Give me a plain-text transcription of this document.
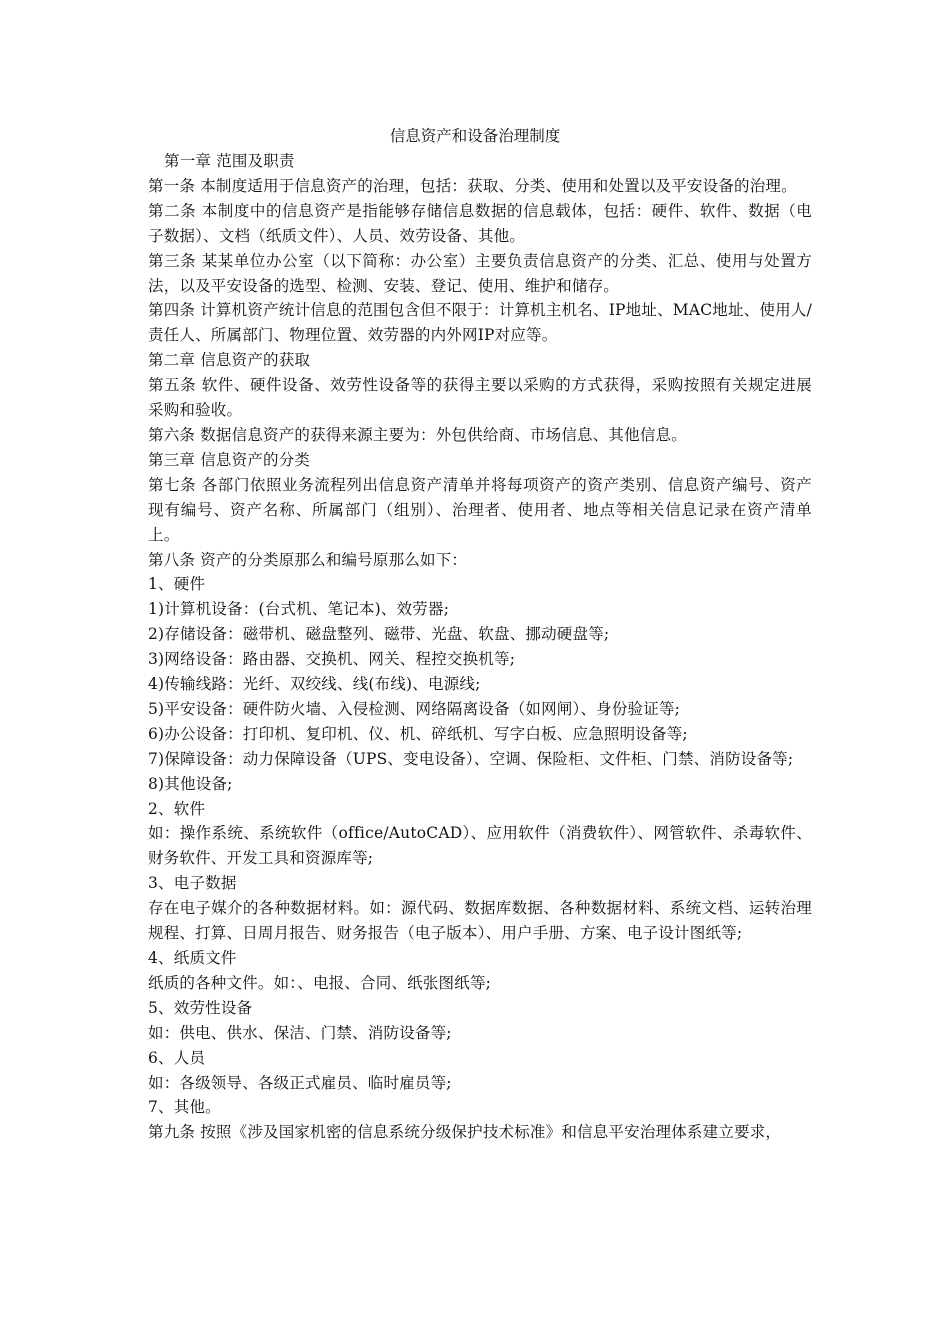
信息资产和设备治理制度

第一章 范围及职责

第一条 本制度适用于信息资产的治理，包括：获取、分类、使用和处置以及平安设备的治理。

第二条 本制度中的信息资产是指能够存储信息数据的信息载体，包括：硬件、软件、数据（电子数据）、文档（纸质文件）、人员、效劳设备、其他。

第三条 某某单位办公室（以下简称：办公室）主要负责信息资产的分类、汇总、使用与处置方法，以及平安设备的选型、检测、安装、登记、使用、维护和储存。

第四条 计算机资产统计信息的范围包含但不限于：计算机主机名、IP地址、MAC地址、使用人/责任人、所属部门、物理位置、效劳器的内外网IP对应等。

第二章 信息资产的获取

第五条 软件、硬件设备、效劳性设备等的获得主要以采购的方式获得，采购按照有关规定进展采购和验收。

第六条 数据信息资产的获得来源主要为：外包供给商、市场信息、其他信息。

第三章 信息资产的分类

第七条 各部门依照业务流程列出信息资产清单并将每项资产的资产类别、信息资产编号、资产现有编号、资产名称、所属部门（组别）、治理者、使用者、地点等相关信息记录在资产清单上。

第八条 资产的分类原那么和编号原那么如下：

1、硬件

1)计算机设备：(台式机、笔记本)、效劳器;

2)存储设备：磁带机、磁盘整列、磁带、光盘、软盘、挪动硬盘等;

3)网络设备：路由器、交换机、网关、程控交换机等;

4)传输线路：光纤、双绞线、线(布线)、电源线;

5)平安设备：硬件防火墙、入侵检测、网络隔离设备（如网闸）、身份验证等;

6)办公设备：打印机、复印机、仪、机、碎纸机、写字白板、应急照明设备等;

7)保障设备：动力保障设备（UPS、变电设备）、空调、保险柜、文件柜、门禁、消防设备等;

8)其他设备;

2、软件

如：操作系统、系统软件（office/AutoCAD）、应用软件（消费软件）、网管软件、杀毒软件、财务软件、开发工具和资源库等;

3、电子数据

存在电子媒介的各种数据材料。如：源代码、数据库数据、各种数据材料、系统文档、运转治理规程、打算、日周月报告、财务报告（电子版本）、用户手册、方案、电子设计图纸等;

4、纸质文件

纸质的各种文件。如：、电报、合同、纸张图纸等;

5、效劳性设备

如：供电、供水、保洁、门禁、消防设备等;

6、人员

如：各级领导、各级正式雇员、临时雇员等;

7、其他。

第九条 按照《涉及国家机密的信息系统分级保护技术标准》和信息平安治理体系建立要求，
